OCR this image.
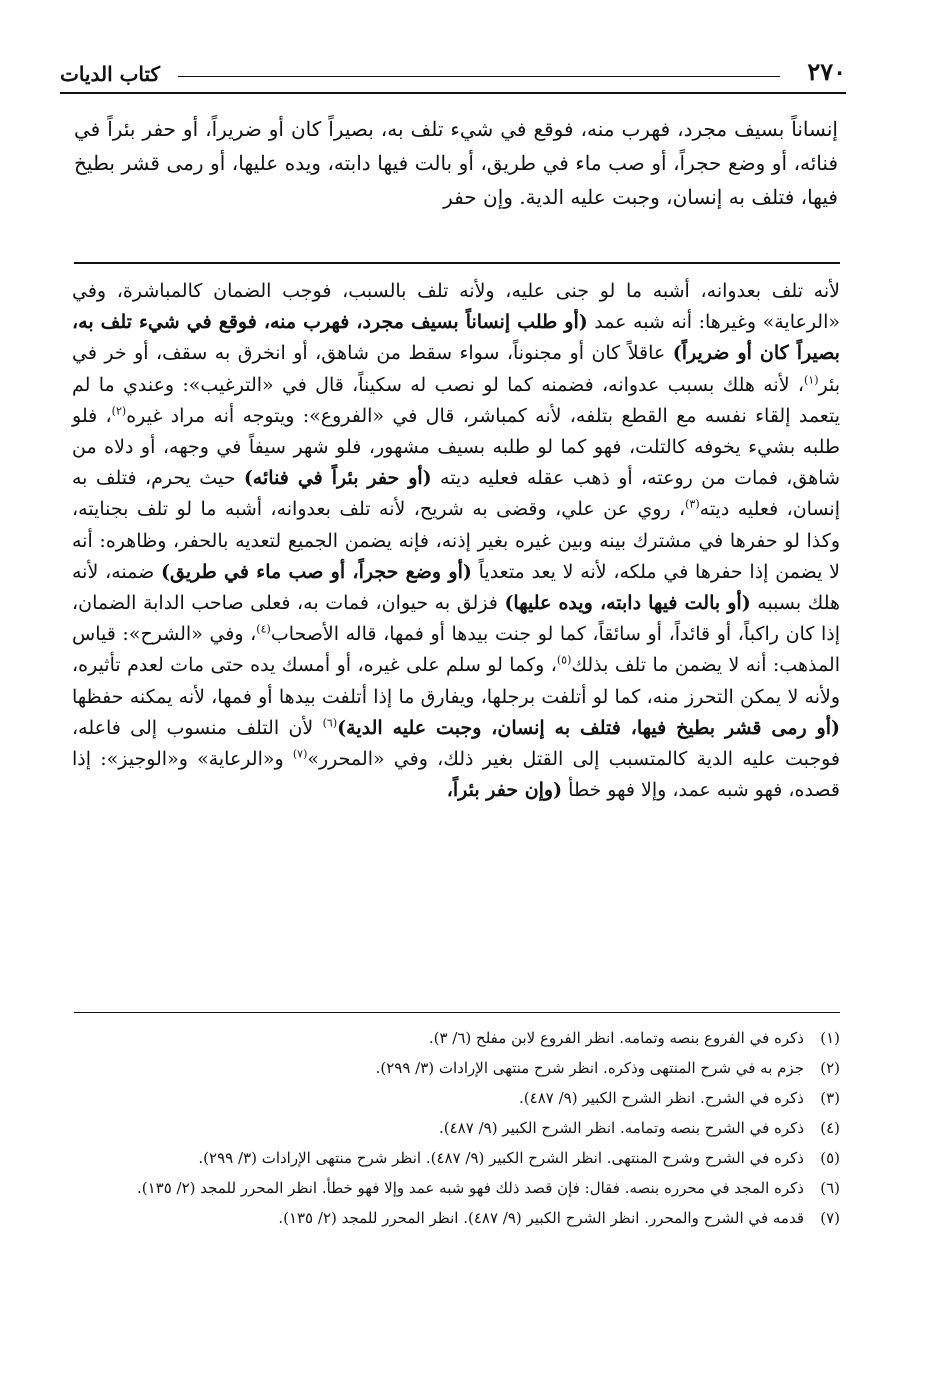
٢٧٠
كتاب الديات

إنساناً بسيف مجرد، فهرب منه، فوقع في شيء تلف به، بصيراً كان أو ضريراً، أو حفر بئراً في فنائه، أو وضع حجراً، أو صب ماء في طريق، أو بالت فيها دابته، ويده عليها، أو رمى قشر بطيخ فيها، فتلف به إنسان، وجبت عليه الدية. وإن حفر

لأنه تلف بعدوانه، أشبه ما لو جنى عليه، ولأنه تلف بالسبب، فوجب الضمان كالمباشرة، وفي «الرعاية» وغيرها: أنه شبه عمد (أو طلب إنساناً بسيف مجرد، فهرب منه، فوقع في شيء تلف به، بصيراً كان أو ضريراً) عاقلاً كان أو مجنوناً، سواء سقط من شاهق، أو انخرق به سقف، أو خر في بئر$^{(١)}$، لأنه هلك بسبب عدوانه، فضمنه كما لو نصب له سكيناً، قال في «الترغيب»: وعندي ما لم يتعمد إلقاء نفسه مع القطع بتلفه، لأنه كمباشر، قال في «الفروع»: ويتوجه أنه مراد غيره$^{(٢)}$، فلو طلبه بشيء يخوفه كالتلت، فهو كما لو طلبه بسيف مشهور، فلو شهر سيفاً في وجهه، أو دلاه من شاهق، فمات من روعته، أو ذهب عقله فعليه ديته (أو حفر بئراً في فنائه) حيث يحرم، فتلف به إنسان، فعليه ديته$^{(٣)}$، روي عن علي، وقضى به شريح، لأنه تلف بعدوانه، أشبه ما لو تلف بجنايته، وكذا لو حفرها في مشترك بينه وبين غيره بغير إذنه، فإنه يضمن الجميع لتعديه بالحفر، وظاهره: أنه لا يضمن إذا حفرها في ملكه، لأنه لا يعد متعدياً (أو وضع حجراً، أو صب ماء في طريق) ضمنه، لأنه هلك بسببه (أو بالت فيها دابته، ويده عليها) فزلق به حيوان، فمات به، فعلى صاحب الدابة الضمان، إذا كان راكباً، أو قائداً، أو سائقاً، كما لو جنت بيدها أو فمها، قاله الأصحاب$^{(٤)}$، وفي «الشرح»: قياس المذهب: أنه لا يضمن ما تلف بذلك$^{(٥)}$، وكما لو سلم على غيره، أو أمسك يده حتى مات لعدم تأثيره، ولأنه لا يمكن التحرز منه، كما لو أتلفت برجلها، ويفارق ما إذا أتلفت بيدها أو فمها، لأنه يمكنه حفظها (أو رمى قشر بطيخ فيها، فتلف به إنسان، وجبت عليه الدية)$^{(٦)}$ لأن التلف منسوب إلى فاعله، فوجبت عليه الدية كالمتسبب إلى القتل بغير ذلك، وفي «المحرر»$^{(٧)}$ و«الرعاية» و«الوجيز»: إذا قصده، فهو شبه عمد، وإلا فهو خطأ (وإن حفر بئراً،

(١)
ذكره في الفروع بنصه وتمامه. انظر الفروع لابن مفلح (٦/ ٣).
(٢)
جزم به في شرح المنتهى وذكره. انظر شرح منتهى الإرادات (٣/ ٢٩٩).
(٣)
ذكره في الشرح. انظر الشرح الكبير (٩/ ٤٨٧).
(٤)
ذكره في الشرح بنصه وتمامه. انظر الشرح الكبير (٩/ ٤٨٧).
(٥)
ذكره في الشرح وشرح المنتهى. انظر الشرح الكبير (٩/ ٤٨٧). انظر شرح منتهى الإرادات (٣/ ٢٩٩).
(٦)
ذكره المجد في محرره بنصه. فقال: فإن قصد ذلك فهو شبه عمد وإلا فهو خطأ. انظر المحرر للمجد (٢/ ١٣٥).
(٧)
قدمه في الشرح والمحرر. انظر الشرح الكبير (٩/ ٤٨٧). انظر المحرر للمجد (٢/ ١٣٥).
